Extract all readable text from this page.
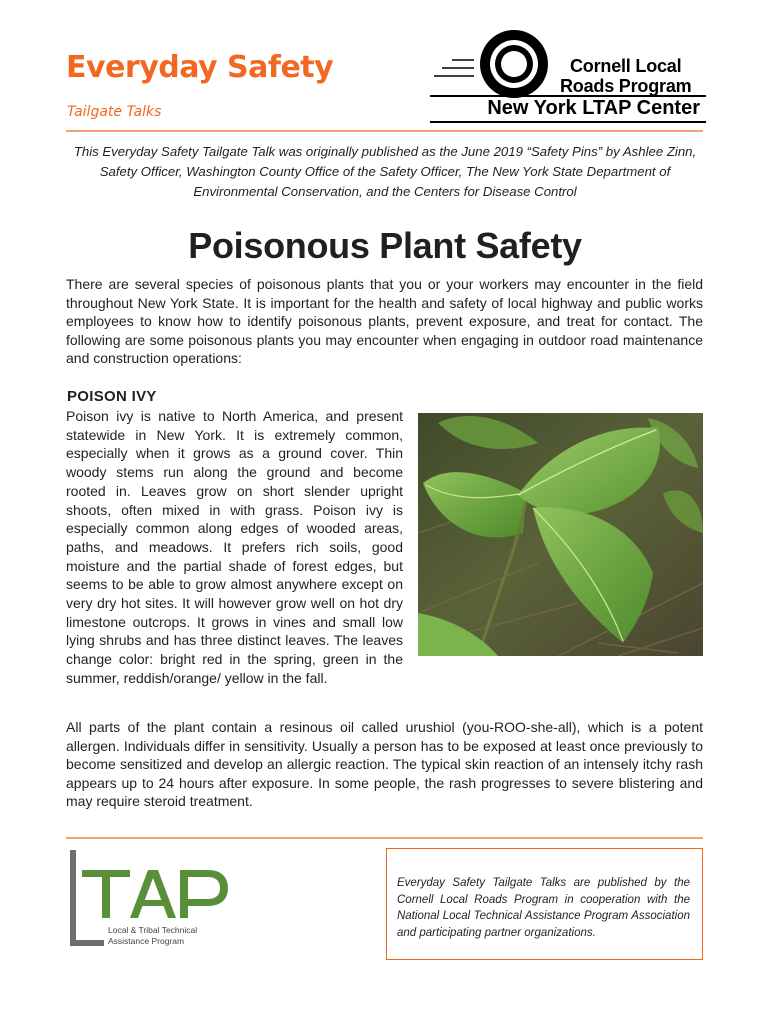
Everyday Safety
Tailgate Talks
Cornell Local
Roads Program
New York LTAP Center
This Everyday Safety Tailgate Talk was originally published as the June 2019 “Safety Pins” by Ashlee Zinn, Safety Officer, Washington County Office of the Safety Officer, The New York State Department of Environmental Conservation, and the Centers for Disease Control
Poisonous Plant Safety
There are several species of poisonous plants that you or your workers may encounter in the field throughout New York State. It is important for the health and safety of local highway and public works employees to know how to identify poisonous plants, prevent exposure, and treat for contact. The following are some poisonous plants you may encounter when engaging in outdoor road maintenance and construction operations:
POISON IVY
Poison ivy is native to North America, and present statewide in New York. It is extremely common, especially when it grows as a ground cover. Thin woody stems run along the ground and become rooted in. Leaves grow on short slender upright shoots, often mixed in with grass. Poison ivy is especially common along edges of wooded areas, paths, and meadows. It prefers rich soils, good moisture and the partial shade of forest edges, but seems to be able to grow almost anywhere except on very dry hot sites. It will however grow well on hot dry limestone outcrops. It grows in vines and small low lying shrubs and has three distinct leaves. The leaves change color: bright red in the spring, green in the summer, reddish/orange/ yellow in the fall.
All parts of the plant contain a resinous oil called urushiol (you-ROO-she-all), which is a potent allergen. Individuals differ in sensitivity. Usually a person has to be exposed at least once previously to become sensitized and develop an allergic reaction. The typical skin reaction of an intensely itchy rash appears up to 24 hours after exposure. In some people, the rash progresses to severe blistering and may require steroid treatment.
Local & Tribal Technical
Assistance Program
Everyday Safety Tailgate Talks are published by the Cornell Local Roads Program in cooperation with the National Local Technical Assistance Program Association and participating partner organizations.
